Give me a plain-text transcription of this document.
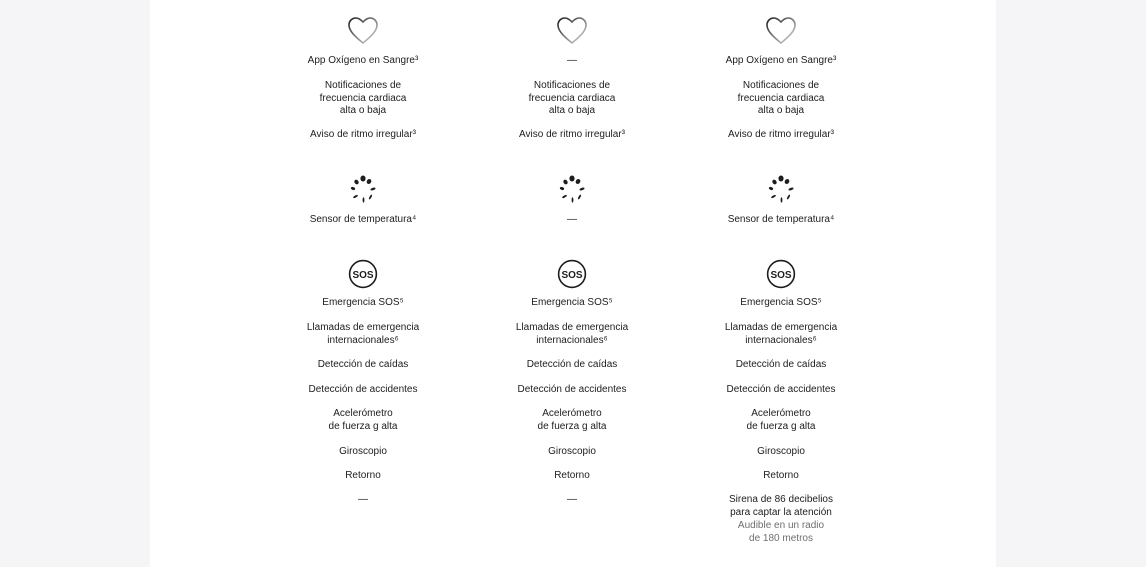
App Oxígeno en Sangre³
Notificaciones de
frecuencia cardiaca
alta o baja
Aviso de ritmo irregular³
Sensor de temperatura⁴
SOS
Emergencia SOS⁵
Llamadas de emergencia
internacionales⁶
Detección de caídas
Detección de accidentes
Acelerómetro
de fuerza g alta
Giroscopio
Retorno
—
—
Notificaciones de
frecuencia cardiaca
alta o baja
Aviso de ritmo irregular³
—
SOS
Emergencia SOS⁵
Llamadas de emergencia
internacionales⁶
Detección de caídas
Detección de accidentes
Acelerómetro
de fuerza g alta
Giroscopio
Retorno
—
App Oxígeno en Sangre³
Notificaciones de
frecuencia cardiaca
alta o baja
Aviso de ritmo irregular³
Sensor de temperatura⁴
SOS
Emergencia SOS⁵
Llamadas de emergencia
internacionales⁶
Detección de caídas
Detección de accidentes
Acelerómetro
de fuerza g alta
Giroscopio
Retorno
Sirena de 86 decibelios
para captar la atención
Audible en un radio
de 180 metros
